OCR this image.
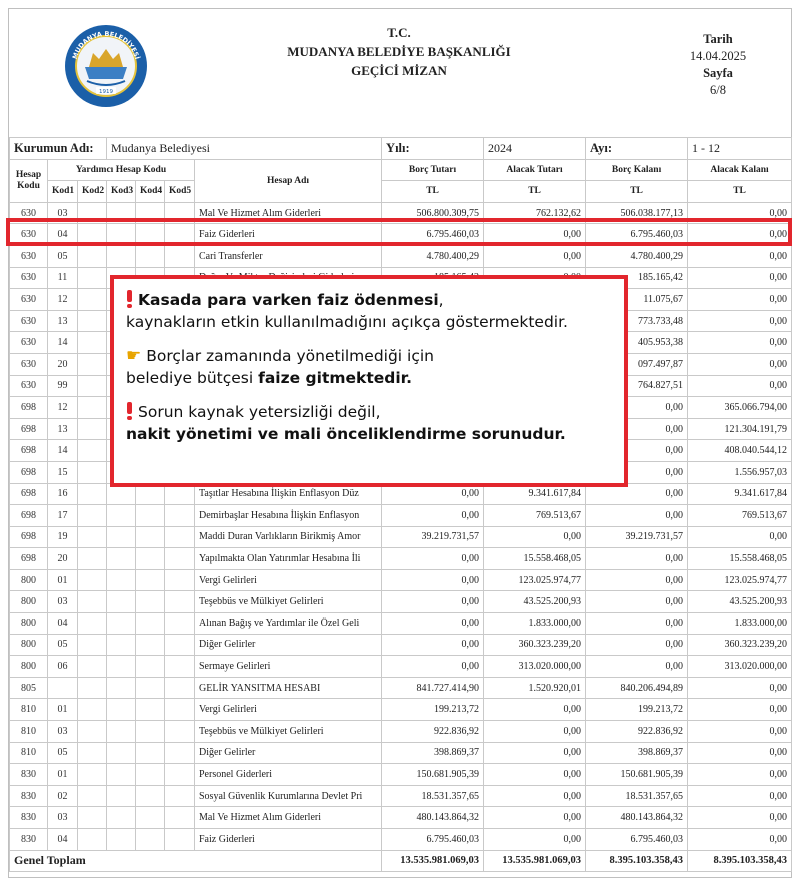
1919
MUDANYA BELEDİYESİ
T.C.
MUDANYA BELEDİYE BAŞKANLIĞI
GEÇİCİ MİZAN
Tarih
14.04.2025
Sayfa
6/8
Kurumun Adı:			Mudanya Belediyesi				Yılı:	2024	Ayı:	1 - 12
Hesap Kodu	Yardımcı Hesap Kodu					Hesap Adı	Borç Tutarı	Alacak Tutarı	Borç Kalanı	Alacak Kalanı
	Kod1	Kod2	Kod3	Kod4	Kod5		TL	TL	TL	TL
630	03					Mal Ve Hizmet Alım Giderleri	506.800.309,75	762.132,62	506.038.177,13	0,00
630	04					Faiz Giderleri	6.795.460,03	0,00	6.795.460,03	0,00
630	05					Cari Transferler	4.780.400,29	0,00	4.780.400,29	0,00
630	11								185.165,42	0,00
630	12								11.075,67	0,00
630	13								773.733,48	0,00
630	14								405.953,38	0,00
630	20								097.497,87	0,00
630	99								764.827,51	0,00
698	12								0,00	365.066.794,00
698	13								0,00	121.304.191,79
698	14								0,00	408.040.544,12
698	15								0,00	1.556.957,03
698	16					Taşıtlar Hesabına İlişkin Enflasyon Düz	0,00	9.341.617,84	0,00	9.341.617,84
698	17					Demirbaşlar Hesabına İlişkin Enflasyon	0,00	769.513,67	0,00	769.513,67
698	19					Maddi Duran Varlıkların Birikmiş Amor	39.219.731,57	0,00	39.219.731,57	0,00
698	20					Yapılmakta Olan Yatırımlar Hesabına İli	0,00	15.558.468,05	0,00	15.558.468,05
800	01					Vergi Gelirleri	0,00	123.025.974,77	0,00	123.025.974,77
800	03					Teşebbüs ve Mülkiyet Gelirleri	0,00	43.525.200,93	0,00	43.525.200,93
800	04					Alınan Bağış ve Yardımlar ile Özel Geli	0,00	1.833.000,00	0,00	1.833.000,00
800	05					Diğer Gelirler	0,00	360.323.239,20	0,00	360.323.239,20
800	06					Sermaye Gelirleri	0,00	313.020.000,00	0,00	313.020.000,00
805						GELİR YANSITMA HESABI	841.727.414,90	1.520.920,01	840.206.494,89	0,00
810	01					Vergi Gelirleri	199.213,72	0,00	199.213,72	0,00
810	03					Teşebbüs ve Mülkiyet Gelirleri	922.836,92	0,00	922.836,92	0,00
810	05					Diğer Gelirler	398.869,37	0,00	398.869,37	0,00
830	01					Personel Giderleri	150.681.905,39	0,00	150.681.905,39	0,00
830	02					Sosyal Güvenlik Kurumlarına Devlet Pri	18.531.357,65	0,00	18.531.357,65	0,00
830	03					Mal Ve Hizmet Alım Giderleri	480.143.864,32	0,00	480.143.864,32	0,00
830	04					Faiz Giderleri	6.795.460,03	0,00	6.795.460,03	0,00
Genel Toplam							13.535.981.069,03	13.535.981.069,03	8.395.103.358,43	8.395.103.358,43

Kasada para varken faiz ödenmesi,
kaynakların etkin kullanılmadığını açıkça göstermektedir.

☛ Borçlar zamanında yönetilmediği için
belediye bütçesi faize gitmektedir.

Sorun kaynak yetersizliği değil,
nakit yönetimi ve mali önceliklendirme sorunudur.
